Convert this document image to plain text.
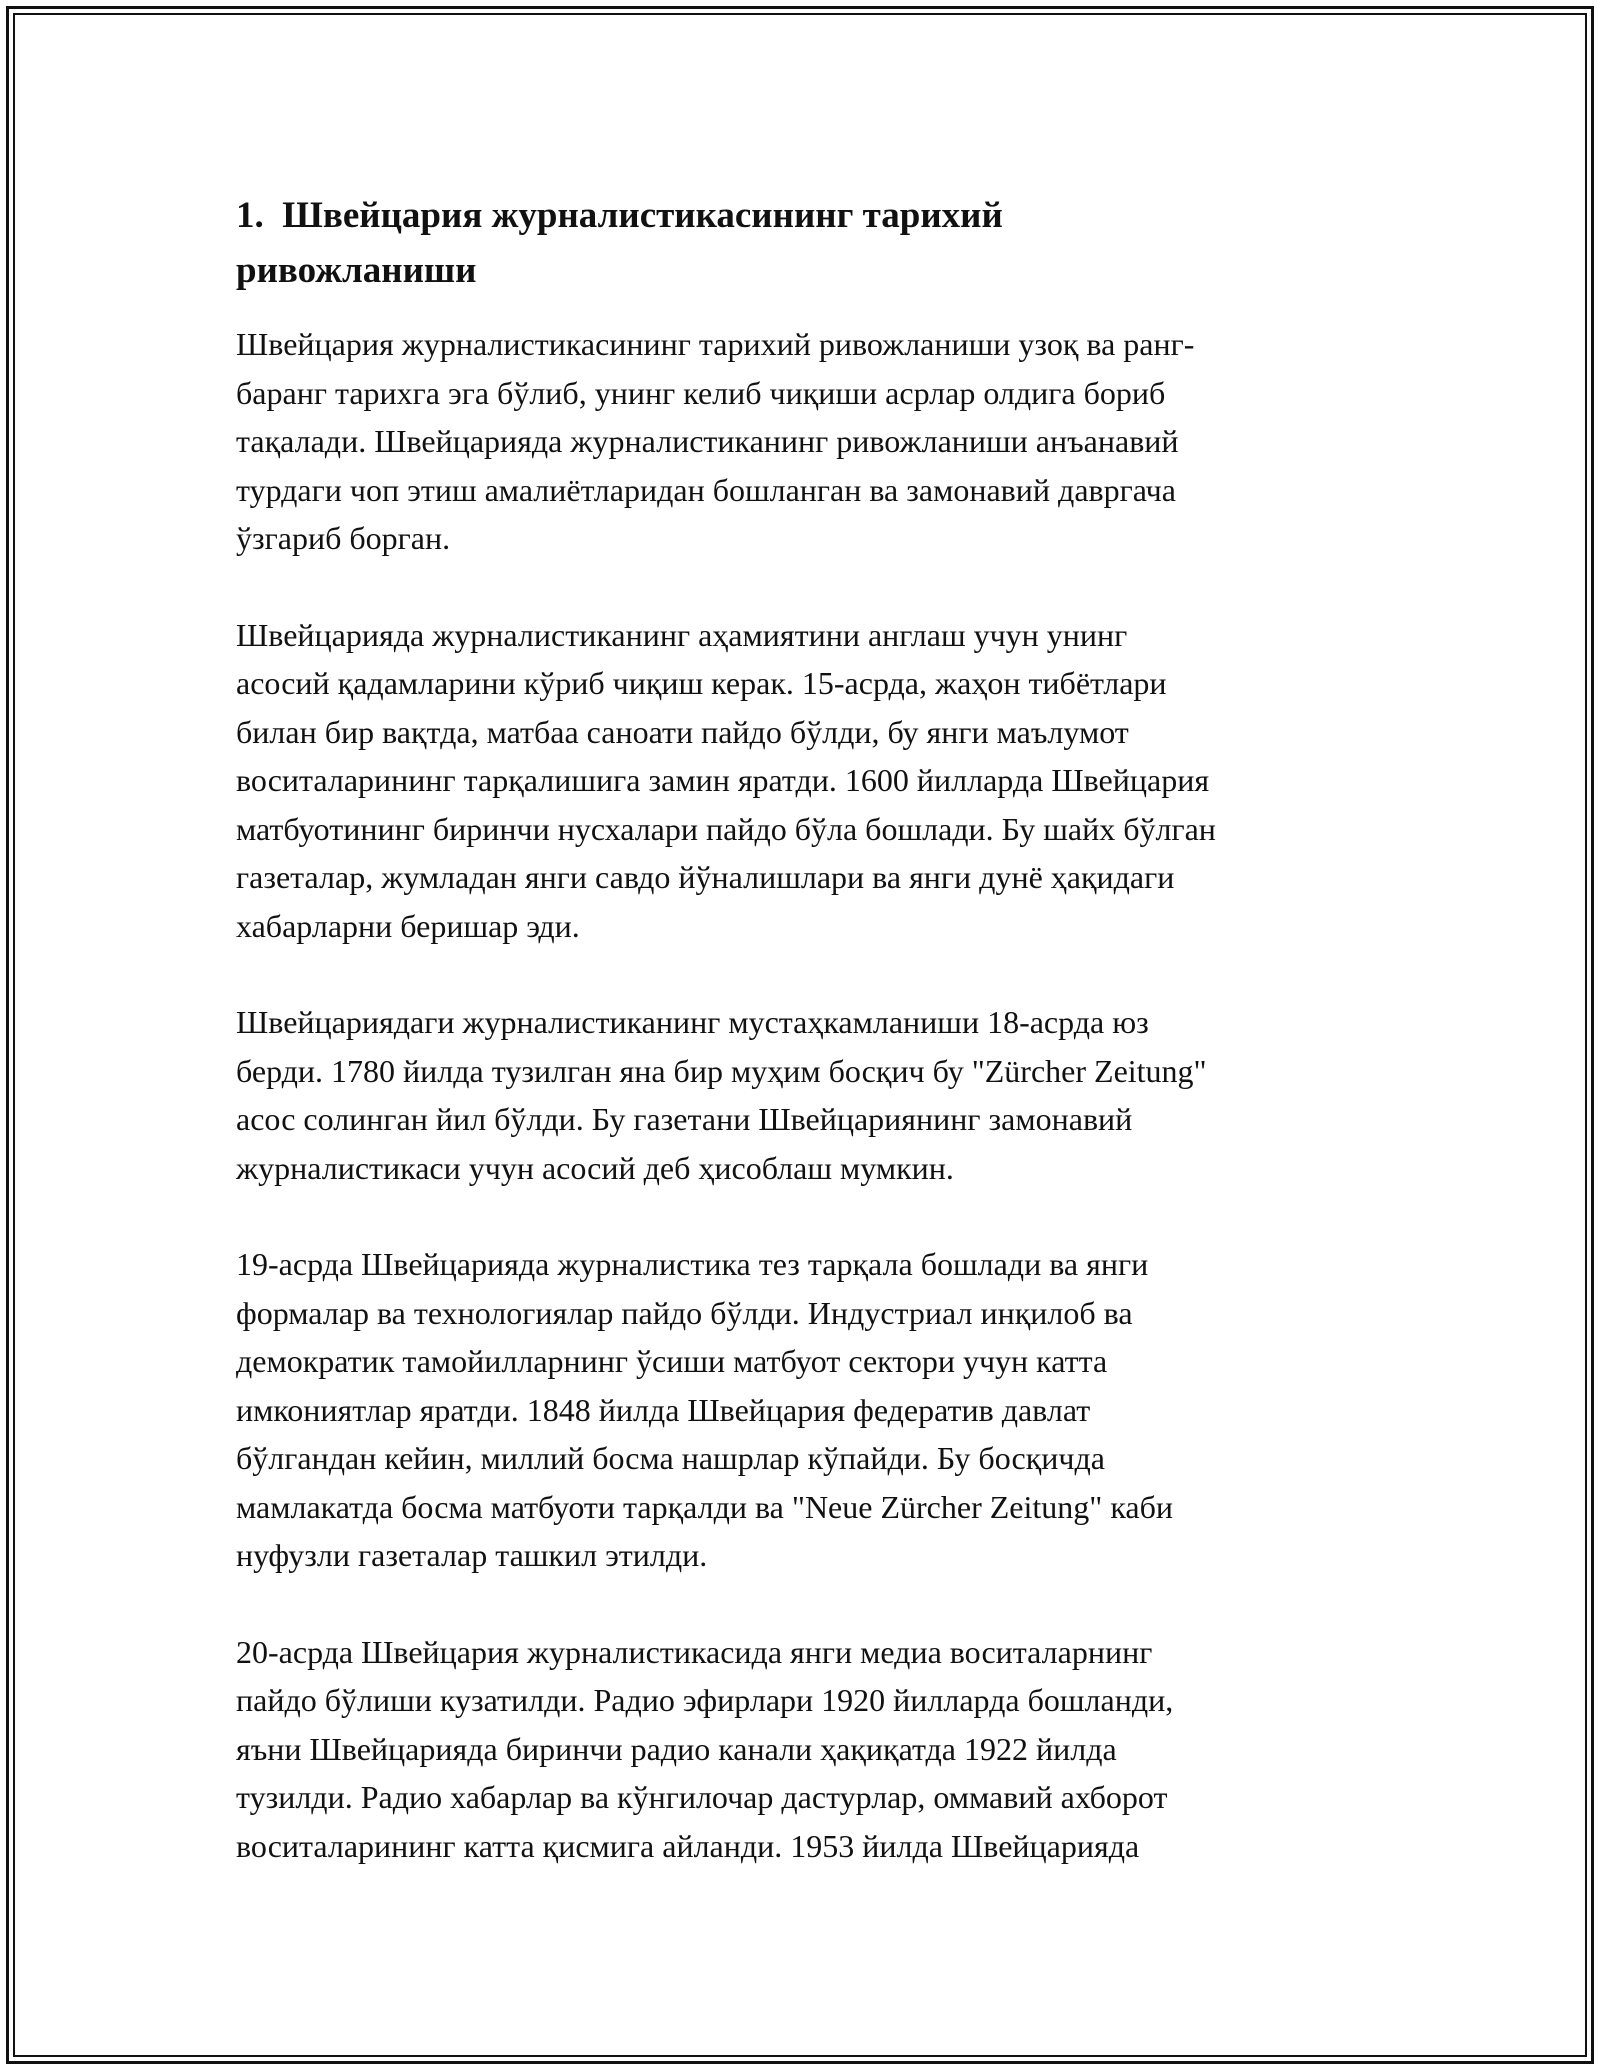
1. Швейцария журналистикасининг тарихий
ривожланиши

Швейцария журналистикасининг тарихий ривожланиши узоқ ва ранг-
баранг тарихга эга бўлиб, унинг келиб чиқиши асрлар олдига бориб
тақалади. Швейцарияда журналистиканинг ривожланиши анъанавий
турдаги чоп этиш амалиётларидан бошланган ва замонавий давргача
ўзгариб борган.

Швейцарияда журналистиканинг аҳамиятини англаш учун унинг
асосий қадамларини кўриб чиқиш керак. 15-асрда, жаҳон тибётлари
билан бир вақтда, матбаа саноати пайдо бўлди, бу янги маълумот
воситаларининг тарқалишига замин яратди. 1600 йилларда Швейцария
матбуотининг биринчи нусхалари пайдо бўла бошлади. Бу шайх бўлган
газеталар, жумладан янги савдо йўналишлари ва янги дунё ҳақидаги
хабарларни беришар эди.

Швейцариядаги журналистиканинг мустаҳкамланиши 18-асрда юз
берди. 1780 йилда тузилган яна бир муҳим босқич бу "Zürcher Zeitung"
асос солинган йил бўлди. Бу газетани Швейцариянинг замонавий
журналистикаси учун асосий деб ҳисоблаш мумкин.

19-асрда Швейцарияда журналистика тез тарқала бошлади ва янги
формалар ва технологиялар пайдо бўлди. Индустриал инқилоб ва
демократик тамойилларнинг ўсиши матбуот сектори учун катта
имкониятлар яратди. 1848 йилда Швейцария федератив давлат
бўлгандан кейин, миллий босма нашрлар кўпайди. Бу босқичда
мамлакатда босма матбуоти тарқалди ва "Neue Zürcher Zeitung" каби
нуфузли газеталар ташкил этилди.

20-асрда Швейцария журналистикасида янги медиа воситаларнинг
пайдо бўлиши кузатилди. Радио эфирлари 1920 йилларда бошланди,
яъни Швейцарияда биринчи радио канали ҳақиқатда 1922 йилда
тузилди. Радио хабарлар ва кўнгилочар дастурлар, оммавий ахборот
воситаларининг катта қисмига айланди. 1953 йилда Швейцарияда
